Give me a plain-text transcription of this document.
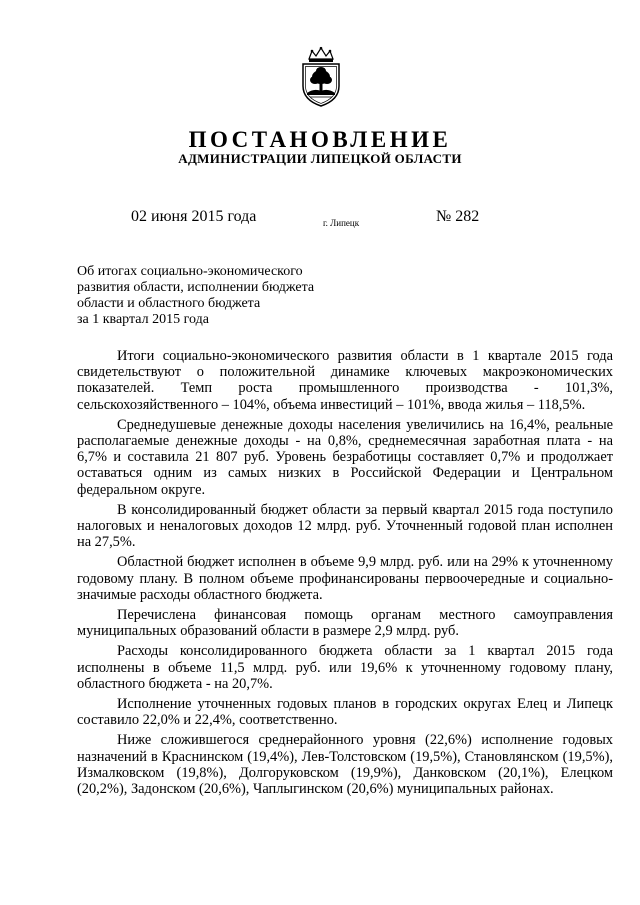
ПОСТАНОВЛЕНИЕ
АДМИНИСТРАЦИИ ЛИПЕЦКОЙ ОБЛАСТИ
02 июня 2015 года	г. Липецк	№ 282
Об итогах социально-экономического
развития области, исполнении бюджета
области и областного бюджета
за 1 квартал 2015 года

Итоги социально-экономического развития области в 1 квартале 2015 года свидетельствуют о положительной динамике ключевых макроэкономических показателей. Темп роста промышленного производства - 101,3%, сельскохозяйственного – 104%, объема инвестиций – 101%, ввода жилья – 118,5%.

Среднедушевые денежные доходы населения увеличились на 16,4%, реальные располагаемые денежные доходы - на 0,8%, среднемесячная заработная плата - на 6,7% и составила 21 807 руб. Уровень безработицы составляет 0,7% и продолжает оставаться одним из самых низких в Российской Федерации и Центральном федеральном округе.

В консолидированный бюджет области за первый квартал 2015 года поступило налоговых и неналоговых доходов 12 млрд. руб. Уточненный годовой план исполнен на 27,5%.

Областной бюджет исполнен в объеме 9,9 млрд. руб. или на 29% к уточненному годовому плану. В полном объеме профинансированы первоочередные и социально-значимые расходы областного бюджета.

Перечислена финансовая помощь органам местного самоуправления муниципальных образований области в размере 2,9 млрд. руб.

Расходы консолидированного бюджета области за 1 квартал 2015 года исполнены в объеме 11,5 млрд. руб. или 19,6% к уточненному годовому плану, областного бюджета - на 20,7%.

Исполнение уточненных годовых планов в городских округах Елец и Липецк составило 22,0% и 22,4%, соответственно.

Ниже сложившегося среднерайонного уровня (22,6%) исполнение годовых назначений в Краснинском (19,4%), Лев-Толстовском (19,5%), Становлянском (19,5%), Измалковском (19,8%), Долгоруковском (19,9%), Данковском (20,1%), Елецком (20,2%), Задонском (20,6%), Чаплыгинском (20,6%) муниципальных районах.
